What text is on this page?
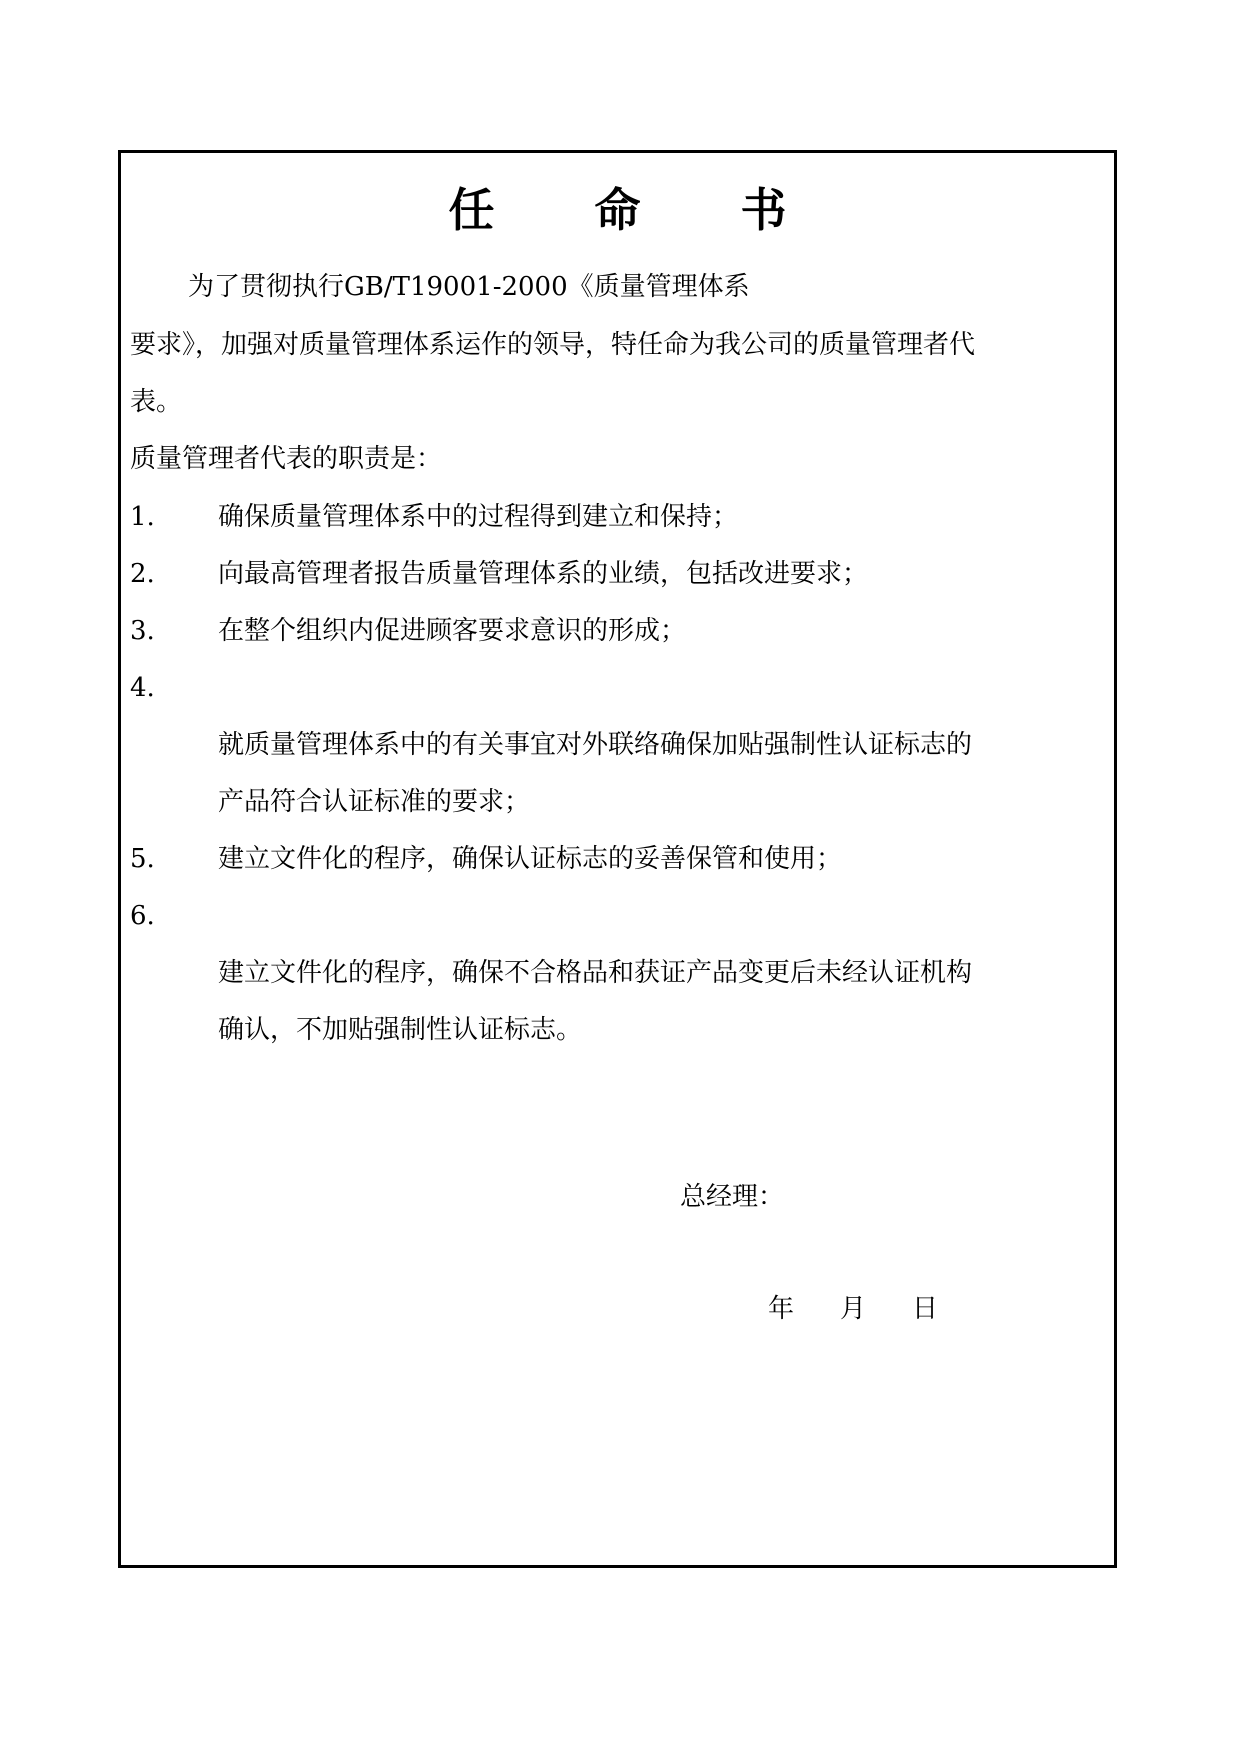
任 命 书
为了贯彻执行GB/T19001-2000《质量管理体系
要求》，加强对质量管理体系运作的领导，特任命为我公司的质量管理者代
表。
质量管理者代表的职责是：
1. 确保质量管理体系中的过程得到建立和保持；
2. 向最高管理者报告质量管理体系的业绩，包括改进要求；
3. 在整个组织内促进顾客要求意识的形成；
4.
就质量管理体系中的有关事宜对外联络确保加贴强制性认证标志的
产品符合认证标准的要求；
5. 建立文件化的程序，确保认证标志的妥善保管和使用；
6.
建立文件化的程序，确保不合格品和获证产品变更后未经认证机构
确认，不加贴强制性认证标志。
总经理：
年 月 日
